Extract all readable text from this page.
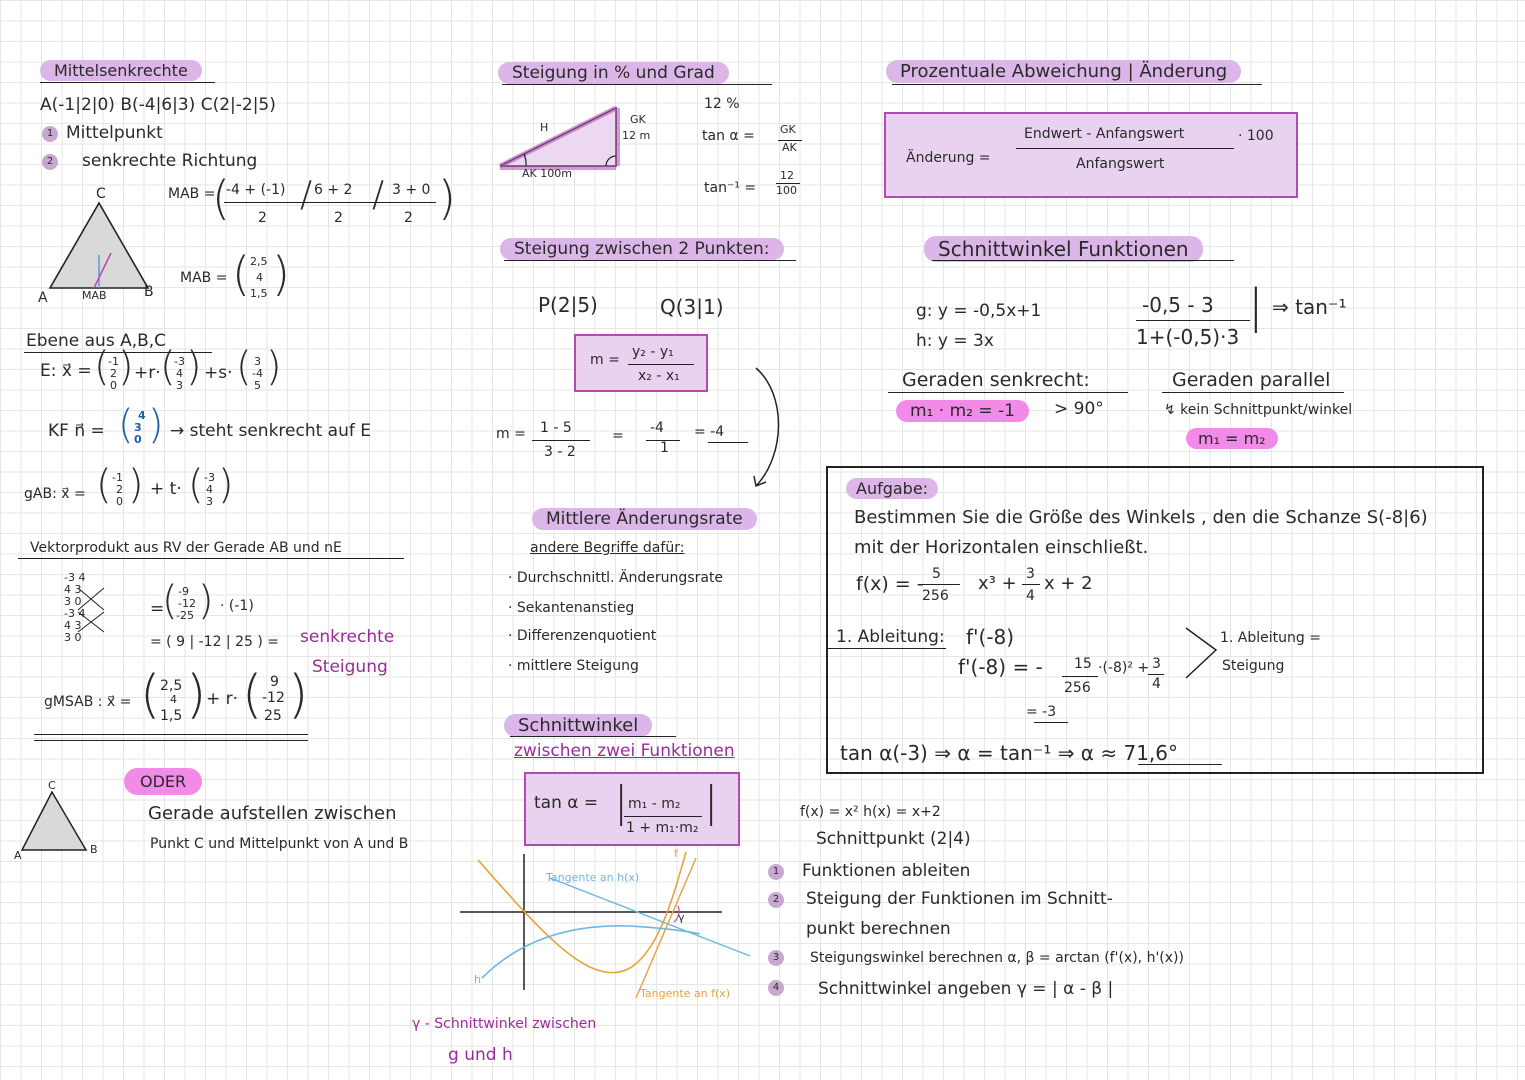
Mittelsenkrechte
A(-1|2|0) B(-4|6|3) C(2|-2|5)
1 Mittelpunkt
2 senkrechte Richtung
C
A	B
MAB
MAB =
(
-4 + (-1) 6 + 2	3 + 0
2	2	2
/ / )
MAB = ( 2,5
4
1,5 )
Ebene aus A,B,C
E: x⃗ = (
-1
2
0 ) +r· (
-3
4
3 ) +s· ( 3
-4
5 )
KF n⃗ = ( 4
3
0 ) → steht senkrecht auf E
gAB: x⃗ = ( -1
2
0 ) + t· ( -3
4
3 )
Vektorprodukt aus RV der Gerade AB und nE
-3 4
4 3
3 0
-3 4
4 3
3 0
=
( -9
-12
-25 ) · (-1)
= ( 9 | -12 | 25 ) = senkrechte
Steigung
gMSAB : x⃗ = ( 2,5
4
1,5 ) + r· ( 9
-12
25 )
C
A	B
ODER
Gerade aufstellen zwischen
Punkt C und Mittelpunkt von A und B
Steigung in % und Grad
H
GK
12 m
AK 100m
12 %
tan α = GK
AK
tan⁻¹ =
12
100
Steigung zwischen 2 Punkten:
P(2|5)	Q(3|1)
m = y₂ - y₁
x₂ - x₁
m = 1 - 5
3 - 2
= -4
1
= -4
Mittlere Änderungsrate
andere Begriffe dafür:
· Durchschnittl. Änderungsrate
· Sekantenanstieg
· Differenzenquotient
· mittlere Steigung
Schnittwinkel
zwischen zwei Funktionen
tan α = | m₁ - m₂
1 + m₁·m₂
|
Tangente an h(x)
Tangente an f(x)
f
h
γ
γ - Schnittwinkel zwischen
g und h
f(x) = x² h(x) = x+2
Schnittpunkt (2|4)
1 Funktionen ableiten
2 Steigung der Funktionen im Schnitt-
punkt berechnen
3	Steigungswinkel berechnen α, β = arctan (f'(x), h'(x))
4 Schnittwinkel angeben γ = | α - β |
Prozentuale Abweichung | Änderung
Änderung =
Endwert - Anfangswert
Anfangswert
· 100
Schnittwinkel Funktionen
g: y = -0,5x+1
h: y = 3x
-0,5 - 3
1+(-0,5)·3
| ⇒ tan⁻¹
Geraden senkrecht:
m₁ · m₂ = -1	> 90°
Geraden parallel
↯ kein Schnittpunkt/winkel
m₁ = m₂
Aufgabe:
Bestimmen Sie die Größe des Winkels , den die Schanze S(-8|6)
mit der Horizontalen einschließt.
f(x) = - 5
256
x³ + 3
4
x + 2
1. Ableitung: f'(-8)
f'(-8) = - 15
256
·(-8)² + 3
4
= -3
1. Ableitung =
Steigung
tan α(-3) ⇒ α = tan⁻¹ ⇒ α ≈ 71,6°
